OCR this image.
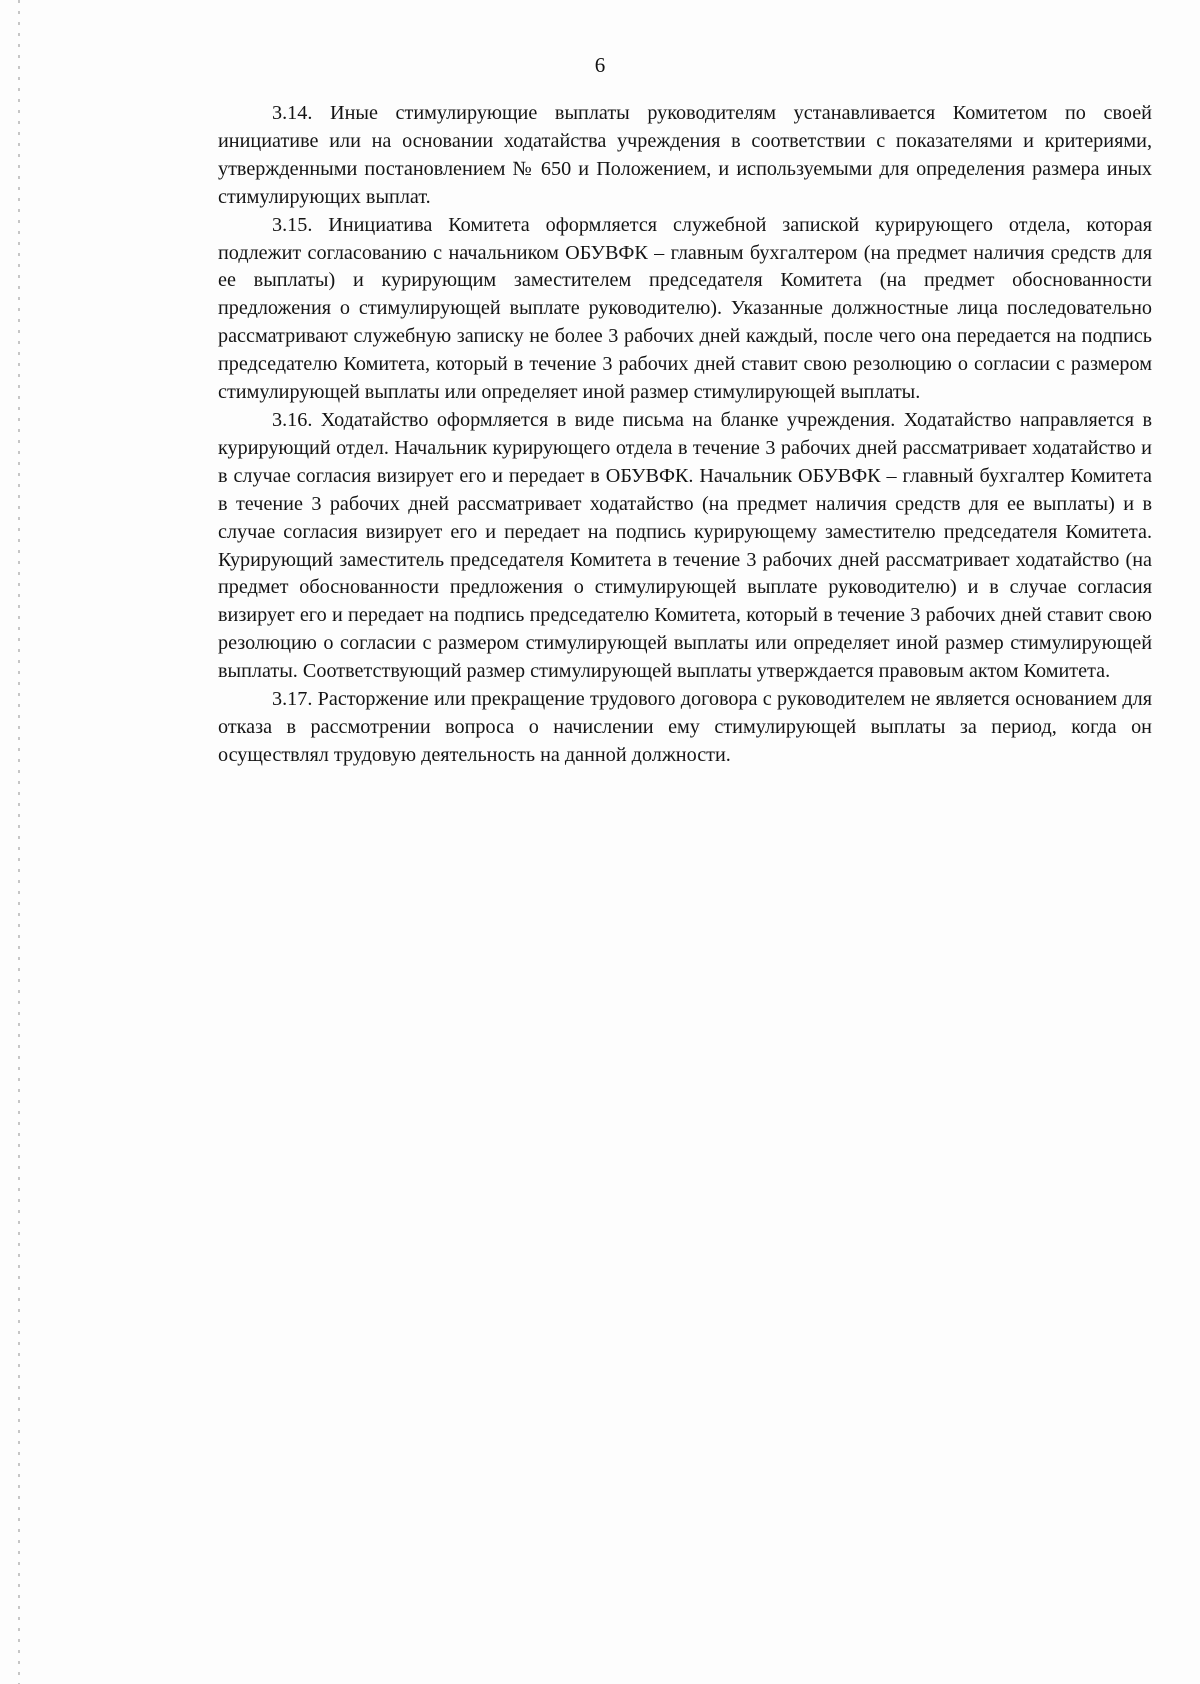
6

3.14. Иные стимулирующие выплаты руководителям устанавливается Комитетом по своей инициативе или на основании ходатайства учреждения в соответствии с показателями и критериями, утвержденными постановлением № 650 и Положением, и используемыми для определения размера иных стимулирующих выплат.

3.15. Инициатива Комитета оформляется служебной запиской курирующего отдела, которая подлежит согласованию с начальником ОБУВФК – главным бухгалтером (на предмет наличия средств для ее выплаты) и курирующим заместителем председателя Комитета (на предмет обоснованности предложения о стимулирующей выплате руководителю). Указанные должностные лица последовательно рассматривают служебную записку не более 3 рабочих дней каждый, после чего она передается на подпись председателю Комитета, который в течение 3 рабочих дней ставит свою резолюцию о согласии с размером стимулирующей выплаты или определяет иной размер стимулирующей выплаты.

3.16. Ходатайство оформляется в виде письма на бланке учреждения. Ходатайство направляется в курирующий отдел. Начальник курирующего отдела в течение 3 рабочих дней рассматривает ходатайство и в случае согласия визирует его и передает в ОБУВФК. Начальник ОБУВФК – главный бухгалтер Комитета в течение 3 рабочих дней рассматривает ходатайство (на предмет наличия средств для ее выплаты) и в случае согласия визирует его и передает на подпись курирующему заместителю председателя Комитета. Курирующий заместитель председателя Комитета в течение 3 рабочих дней рассматривает ходатайство (на предмет обоснованности предложения о стимулирующей выплате руководителю) и в случае согласия визирует его и передает на подпись председателю Комитета, который в течение 3 рабочих дней ставит свою резолюцию о согласии с размером стимулирующей выплаты или определяет иной размер стимулирующей выплаты. Соответствующий размер стимулирующей выплаты утверждается правовым актом Комитета.

3.17. Расторжение или прекращение трудового договора с руководителем не является основанием для отказа в рассмотрении вопроса о начислении ему стимулирующей выплаты за период, когда он осуществлял трудовую деятельность на данной должности.
